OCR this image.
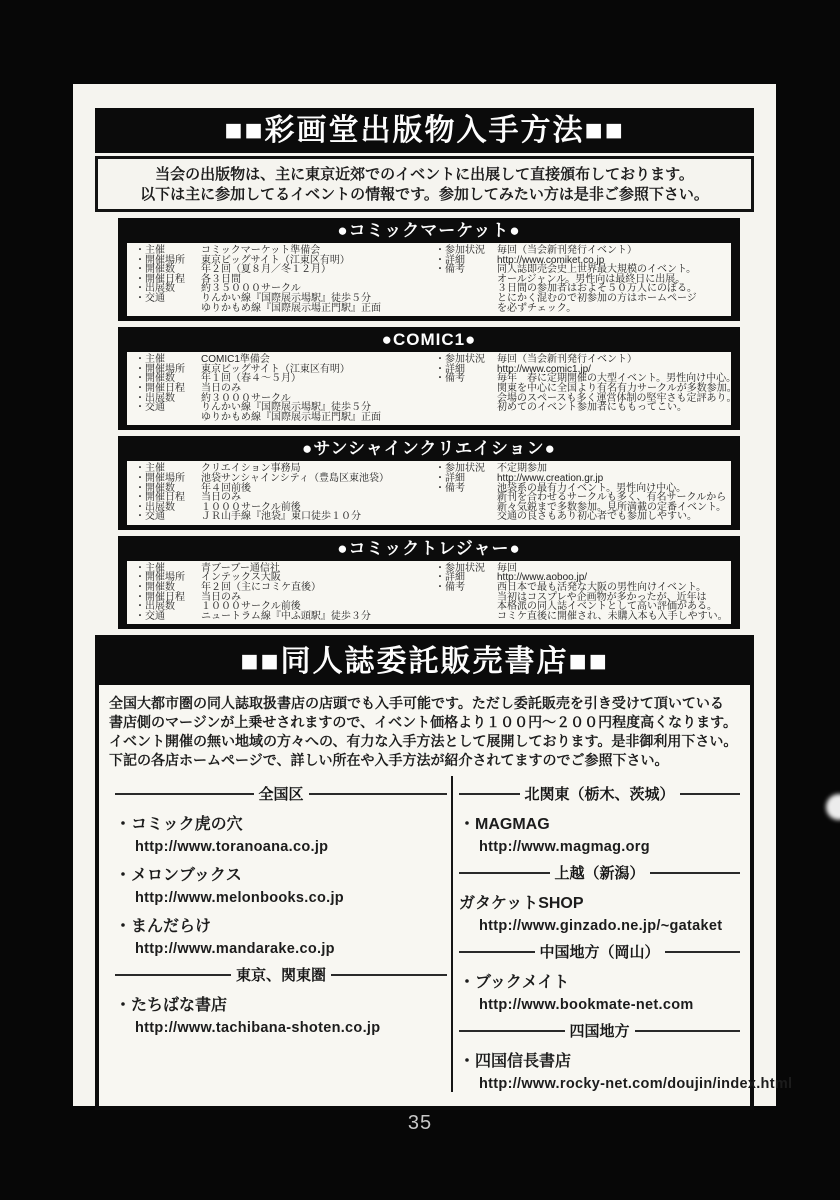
■■彩画堂出版物入手方法■■
当会の出版物は、主に東京近郊でのイベントに出展して直接頒布しております。
以下は主に参加してるイベントの情報です。参加してみたい方は是非ご参照下さい。
●コミックマーケット●
・主催	コミックマーケット準備会
・開催場所	東京ビッグサイト（江東区有明）
・開催数	年２回（夏８月／冬１２月）
・開催日程	各３日間
・出展数	約３５０００サークル
・交通	りんかい線『国際展示場駅』徒歩５分
ゆりかもめ線『国際展示場正門駅』正面
・参加状況	毎回（当会新刊発行イベント）
・詳細	http://www.comiket.co.jp
・備考	同人誌即売会史上世界最大規模のイベント。
オールジャンル。男性向は最終日に出展。
３日間の参加者はおよそ５０万人にのぼる。
とにかく混むので初参加の方はホームページ
を必ずチェック。
●COMIC1●
・主催	COMIC1準備会
・開催場所	東京ビッグサイト（江東区有明）
・開催数	年１回（春４～５月）
・開催日程	当日のみ
・出展数	約３０００サークル
・交通	りんかい線『国際展示場駅』徒歩５分
ゆりかもめ線『国際展示場正門駅』正面
・参加状況	毎回（当会新刊発行イベント）
・詳細	http://www.comic1.jp/
・備考	毎年　春に定期開催の大型イベント。男性向け中心。
関東を中心に全国より有名有力サークルが多数参加。
会場のスペースも多く運営体制の堅牢さも定評あり。
初めてのイベント参加者にももってこい。
●サンシャインクリエイション●
・主催	クリエイション事務局
・開催場所	池袋サンシャインシティ（豊島区東池袋）
・開催数	年４回前後
・開催日程	当日のみ
・出展数	１０００サークル前後
・交通	ＪＲ山手線『池袋』東口徒歩１０分
・参加状況	不定期参加
・詳細	http://www.creation.gr.jp
・備考	池袋系の最有力イベント。男性向け中心。
新刊を合わせるサークルも多く、有名サークルから
新々気鋭まで多数参加。見所満載の定番イベント。
交通の良さもあり初心者でも参加しやすい。
●コミックトレジャー●
・主催	青ブーブー通信社
・開催場所	インテックス大阪
・開催数	年２回（主にコミケ直後）
・開催日程	当日のみ
・出展数	１０００サークル前後
・交通	ニュートラム線『中ふ頭駅』徒歩３分
・参加状況	毎回
・詳細	http://www.aoboo.jp/
・備考	西日本で最も活発な大阪の男性向けイベント。
当初はコスプレや企画物が多かったが、近年は
本格派の同人誌イベントとして高い評価がある。
コミケ直後に開催され、未購入本も入手しやすい。
■■同人誌委託販売書店■■
全国大都市圏の同人誌取扱書店の店頭でも入手可能です。ただし委託販売を引き受けて頂いている
書店側のマージンが上乗せされますので、イベント価格より１００円～２００円程度高くなります。
イベント開催の無い地域の方々への、有力な入手方法として展開しております。是非御利用下さい。
下記の各店ホームページで、詳しい所在や入手方法が紹介されてますのでご参照下さい。
全国区
・コミック虎の穴
http://www.toranoana.co.jp
・メロンブックス
http://www.melonbooks.co.jp
・まんだらけ
http://www.mandarake.co.jp
東京、関東圏
・たちばな書店
http://www.tachibana-shoten.co.jp
北関東（栃木、茨城）
・MAGMAG
http://www.magmag.org
上越（新潟）
ガタケットSHOP
http://www.ginzado.ne.jp/~gataket
中国地方（岡山）
・ブックメイト
http://www.bookmate-net.com
四国地方
・四国信長書店
http://www.rocky-net.com/doujin/index.html
35
